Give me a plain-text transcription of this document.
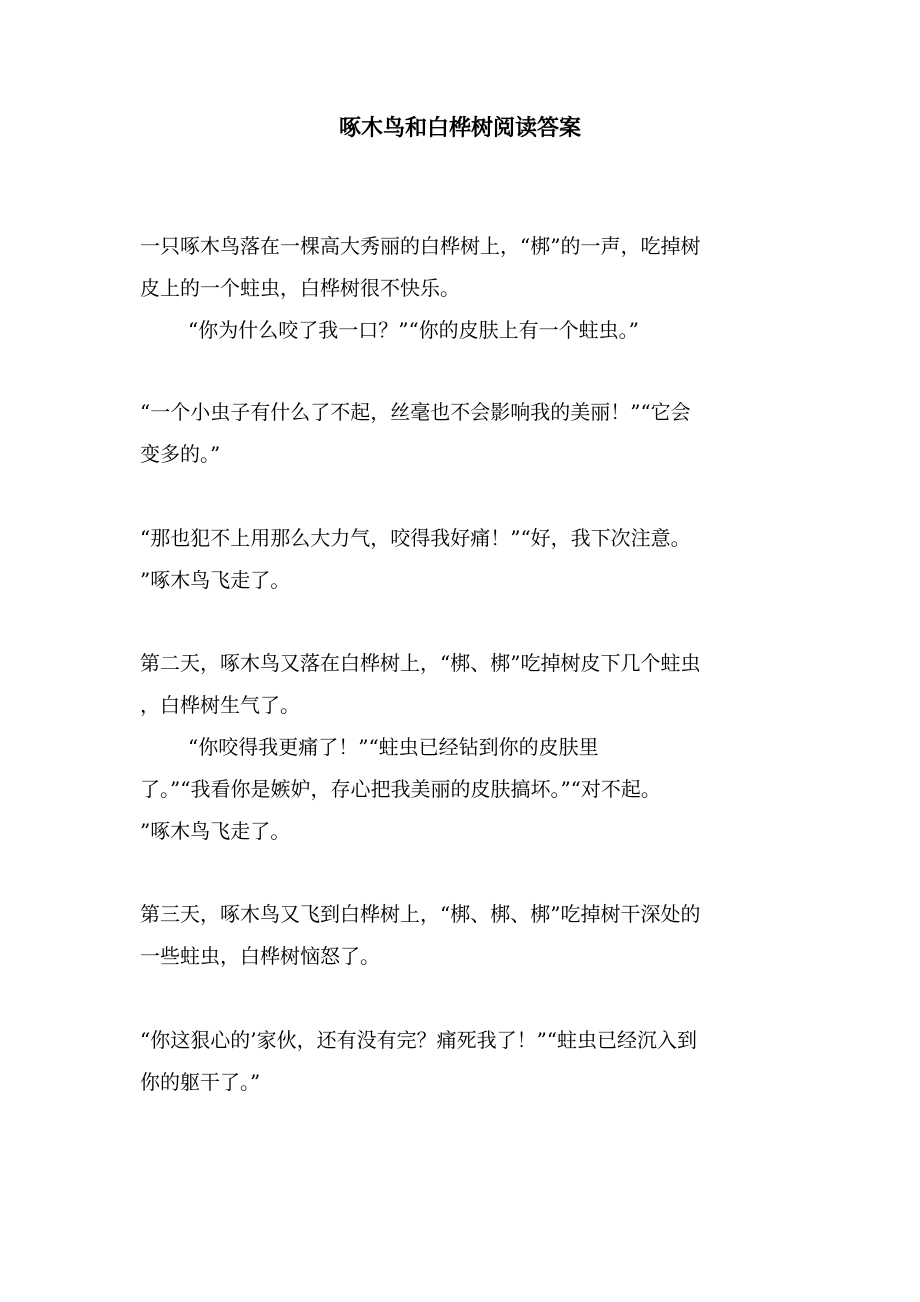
啄木鸟和白桦树阅读答案
一只啄木鸟落在一棵高大秀丽的白桦树上，“梆”的一声，吃掉树
皮上的一个蛀虫，白桦树很不快乐。
“你为什么咬了我一口？”“你的皮肤上有一个蛀虫。”
“一个小虫子有什么了不起，丝毫也不会影响我的美丽！”“它会
变多的。”
“那也犯不上用那么大力气，咬得我好痛！”“好，我下次注意。
”啄木鸟飞走了。
第二天，啄木鸟又落在白桦树上，“梆、梆”吃掉树皮下几个蛀虫
，白桦树生气了。
“你咬得我更痛了！”“蛀虫已经钻到你的皮肤里
了。”“我看你是嫉妒，存心把我美丽的皮肤搞坏。”“对不起。
”啄木鸟飞走了。
第三天，啄木鸟又飞到白桦树上，“梆、梆、梆”吃掉树干深处的
一些蛀虫，白桦树恼怒了。
“你这狠心的’家伙，还有没有完？痛死我了！”“蛀虫已经沉入到
你的躯干了。”
